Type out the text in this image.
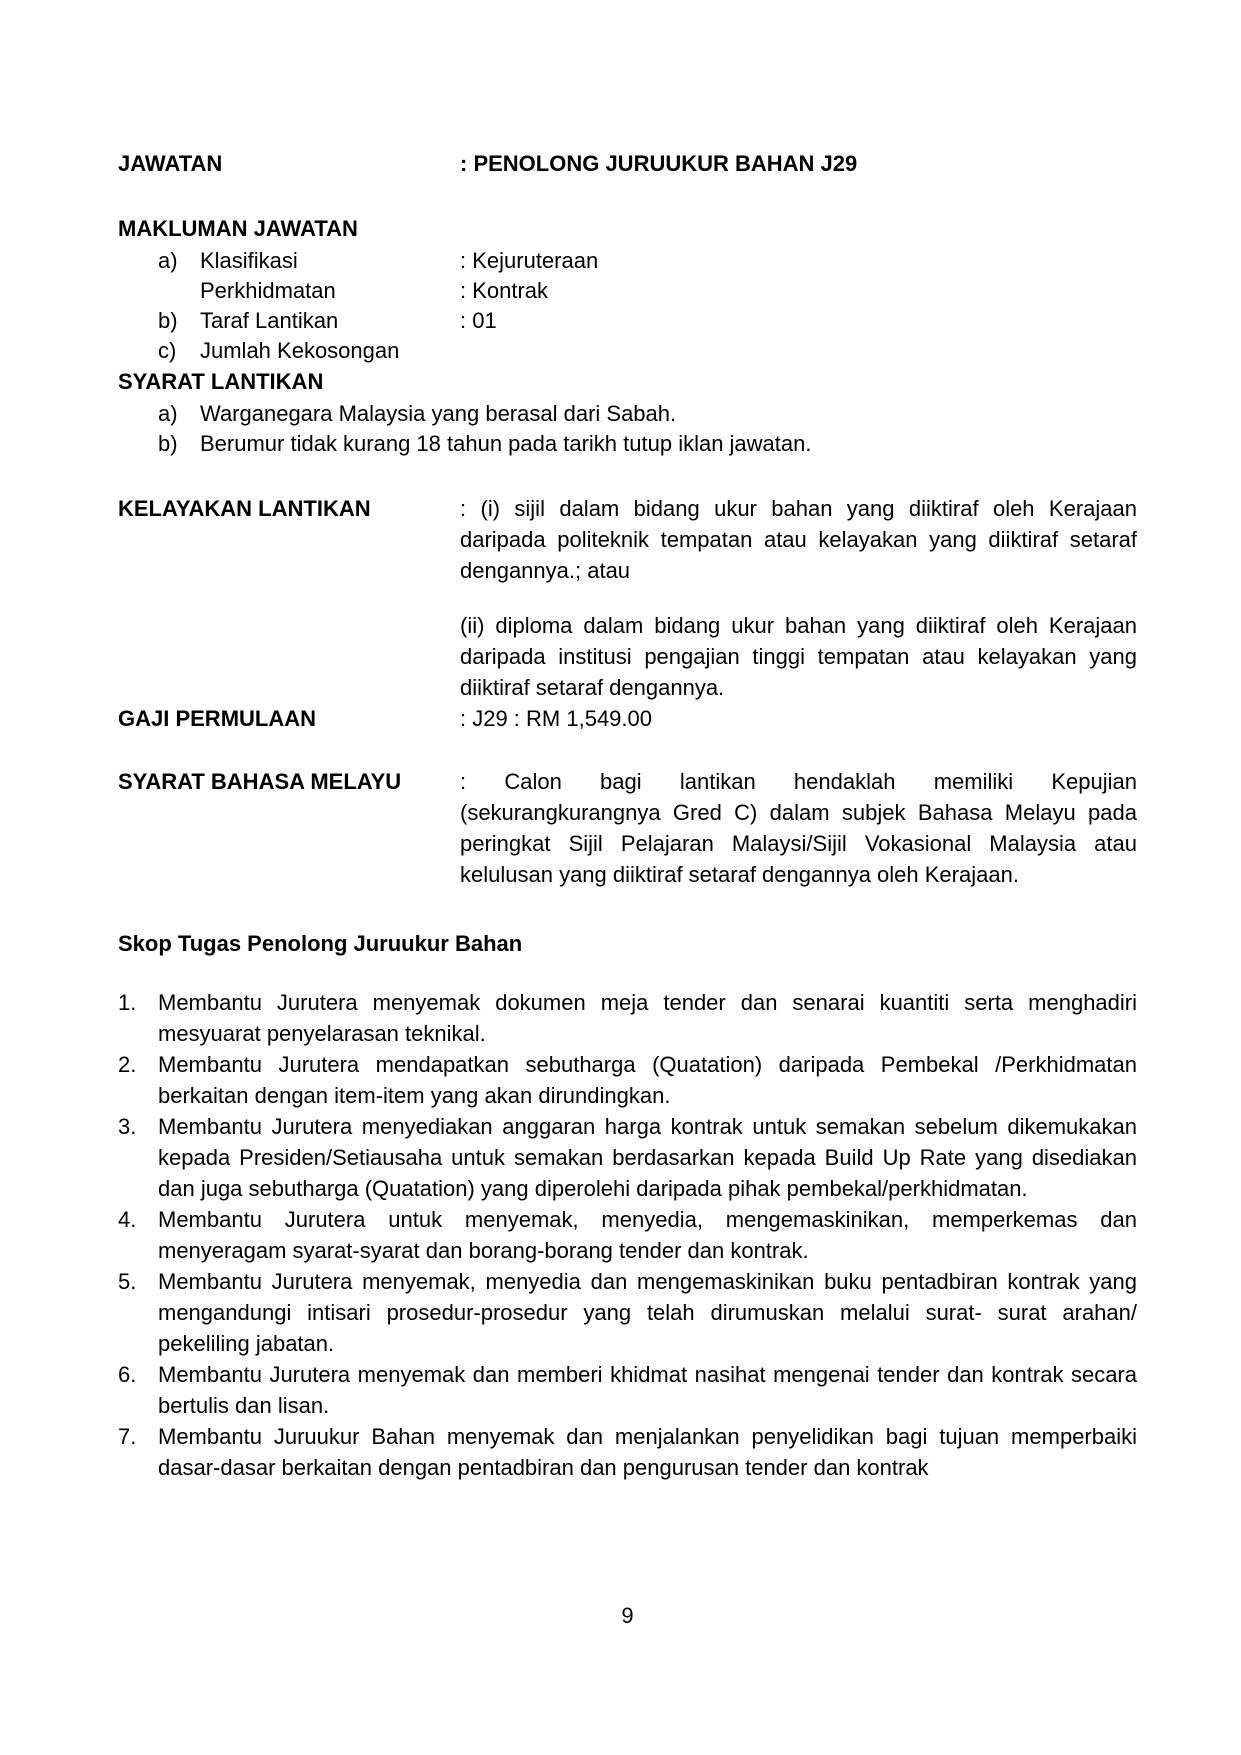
JAWATAN	: PENOLONG JURUUKUR BAHAN J29
MAKLUMAN JAWATAN
a)	Klasifikasi	: Kejuruteraan
Perkhidmatan	: Kontrak
b)	Taraf Lantikan	: 01
c)	Jumlah Kekosongan
SYARAT LANTIKAN
a)	Warganegara Malaysia yang berasal dari Sabah.
b)	Berumur tidak kurang 18 tahun pada tarikh tutup iklan jawatan.
KELAYAKAN LANTIKAN	: (i) sijil dalam bidang ukur bahan yang diiktiraf oleh Kerajaan daripada politeknik tempatan atau kelayakan yang diiktiraf setaraf dengannya.; atau
(ii) diploma dalam bidang ukur bahan yang diiktiraf oleh Kerajaan daripada institusi pengajian tinggi tempatan atau kelayakan yang diiktiraf setaraf dengannya.
GAJI PERMULAAN	: J29 : RM 1,549.00
SYARAT BAHASA MELAYU	: Calon bagi lantikan hendaklah memiliki Kepujian (sekurangkurangnya Gred C) dalam subjek Bahasa Melayu pada peringkat Sijil Pelajaran Malaysi/Sijil Vokasional Malaysia atau kelulusan yang diiktiraf setaraf dengannya oleh Kerajaan.
Skop Tugas Penolong Juruukur Bahan
1. Membantu Jurutera menyemak dokumen meja tender dan senarai kuantiti serta menghadiri mesyuarat penyelarasan teknikal.
2. Membantu Jurutera mendapatkan sebutharga (Quatation) daripada Pembekal /Perkhidmatan berkaitan dengan item-item yang akan dirundingkan.
3. Membantu Jurutera menyediakan anggaran harga kontrak untuk semakan sebelum dikemukakan kepada Presiden/Setiausaha untuk semakan berdasarkan kepada Build Up Rate yang disediakan dan juga sebutharga (Quatation) yang diperolehi daripada pihak pembekal/perkhidmatan.
4. Membantu Jurutera untuk menyemak, menyedia, mengemaskinikan, memperkemas dan menyeragam syarat-syarat dan borang-borang tender dan kontrak.
5. Membantu Jurutera menyemak, menyedia dan mengemaskinikan buku pentadbiran kontrak yang mengandungi intisari prosedur-prosedur yang telah dirumuskan melalui surat- surat arahan/ pekeliling jabatan.
6. Membantu Jurutera menyemak dan memberi khidmat nasihat mengenai tender dan kontrak secara bertulis dan lisan.
7. Membantu Juruukur Bahan menyemak dan menjalankan penyelidikan bagi tujuan memperbaiki dasar-dasar berkaitan dengan pentadbiran dan pengurusan tender dan kontrak
9
